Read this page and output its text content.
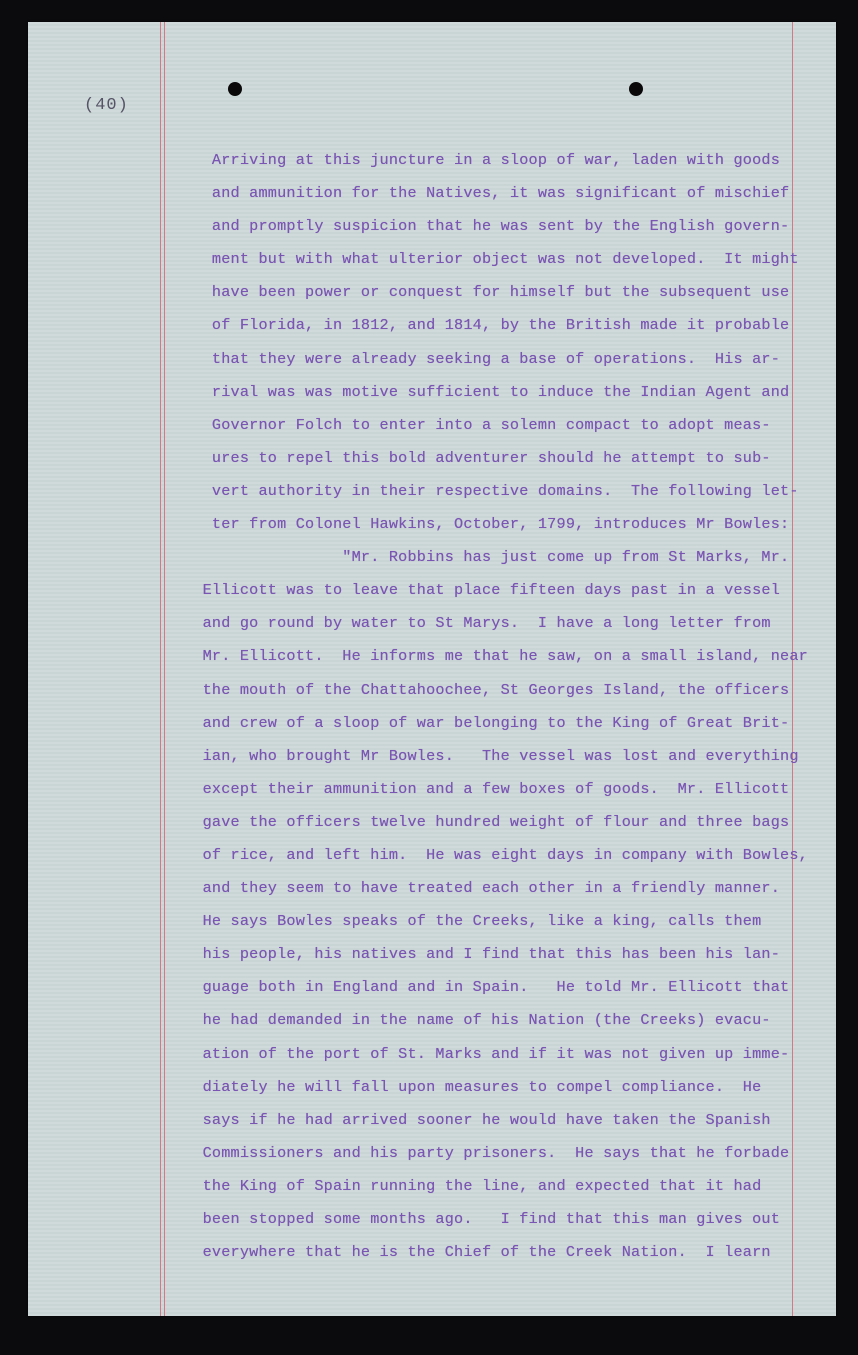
(40)
Arriving at this juncture in a sloop of war, laden with goods
and ammunition for the Natives, it was significant of mischief
and promptly suspicion that he was sent by the English govern-
ment but with what ulterior object was not developed.  It might
have been power or conquest for himself but the subsequent use
of Florida, in 1812, and 1814, by the British made it probable
that they were already seeking a base of operations.  His ar-
rival was was motive sufficient to induce the Indian Agent and
Governor Folch to enter into a solemn compact to adopt meas-
ures to repel this bold adventurer should he attempt to sub-
vert authority in their respective domains.  The following let-
ter from Colonel Hawkins, October, 1799, introduces Mr Bowles:
"Mr. Robbins has just come up from St Marks, Mr.
Ellicott was to leave that place fifteen days past in a vessel
and go round by water to St Marys.  I have a long letter from
Mr. Ellicott.  He informs me that he saw, on a small island, near
the mouth of the Chattahoochee, St Georges Island, the officers
and crew of a sloop of war belonging to the King of Great Brit-
ian, who brought Mr Bowles.   The vessel was lost and everything
except their ammunition and a few boxes of goods.  Mr. Ellicott
gave the officers twelve hundred weight of flour and three bags
of rice, and left him.  He was eight days in company with Bowles,
and they seem to have treated each other in a friendly manner.
He says Bowles speaks of the Creeks, like a king, calls them
his people, his natives and I find that this has been his lan-
guage both in England and in Spain.   He told Mr. Ellicott that
he had demanded in the name of his Nation (the Creeks) evacu-
ation of the port of St. Marks and if it was not given up imme-
diately he will fall upon measures to compel compliance.  He
says if he had arrived sooner he would have taken the Spanish
Commissioners and his party prisoners.  He says that he forbade
the King of Spain running the line, and expected that it had
been stopped some months ago.   I find that this man gives out
everywhere that he is the Chief of the Creek Nation.  I learn
